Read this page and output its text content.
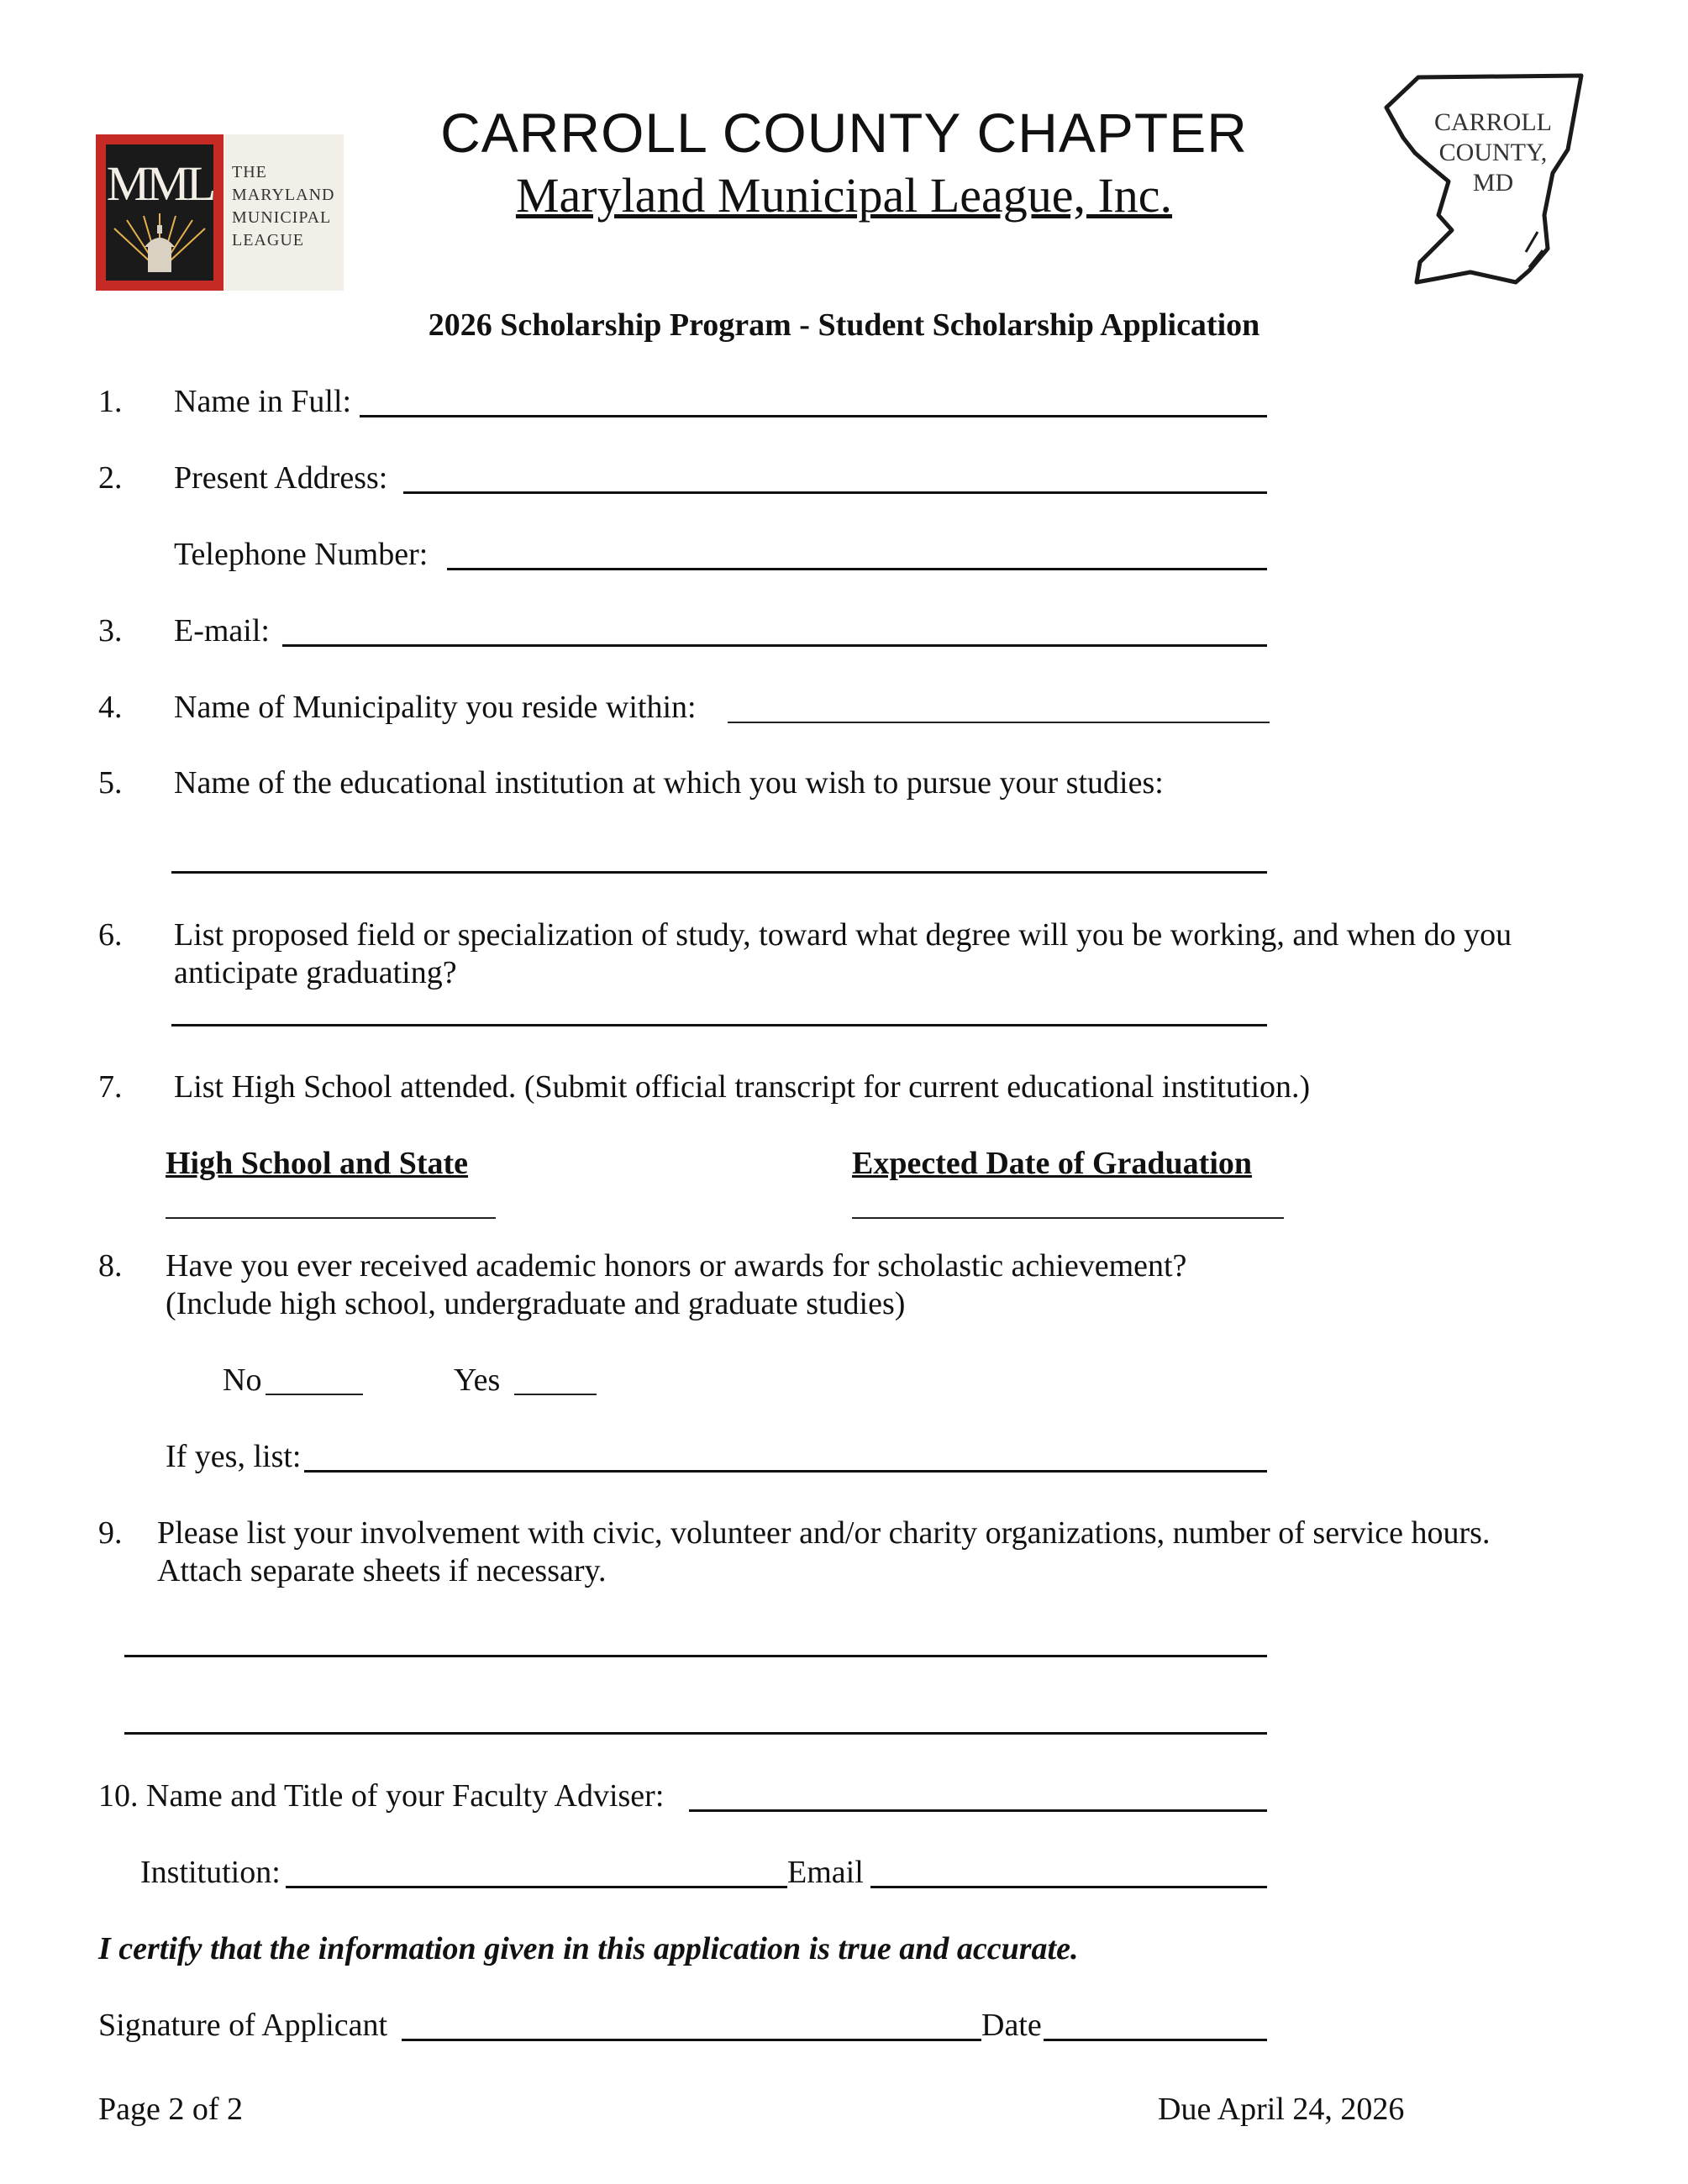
MML THE
MARYLAND
MUNICIPAL
LEAGUE
CARROLL COUNTY CHAPTER
Maryland Municipal League, Inc.
CARROLL
COUNTY,
MD
2026 Scholarship Program - Student Scholarship Application
1. Name in Full:
2. Present Address:
Telephone Number:
3. E-mail:
4. Name of Municipality you reside within:
5. Name of the educational institution at which you wish to pursue your studies:
6. List proposed field or specialization of study, toward what degree will you be working, and when do you
anticipate graduating?
7. List High School attended. (Submit official transcript for current educational institution.)
High School and State	Expected Date of Graduation
8. Have you ever received academic honors or awards for scholastic achievement?
(Include high school, undergraduate and graduate studies)
No	Yes
If yes, list:
9. Please list your involvement with civic, volunteer and/or charity organizations, number of service hours.
Attach separate sheets if necessary.
10. Name and Title of your Faculty Adviser:
Institution:	Email
I certify that the information given in this application is true and accurate.
Signature of Applicant	Date
Page 2 of 2	Due April 24, 2026
